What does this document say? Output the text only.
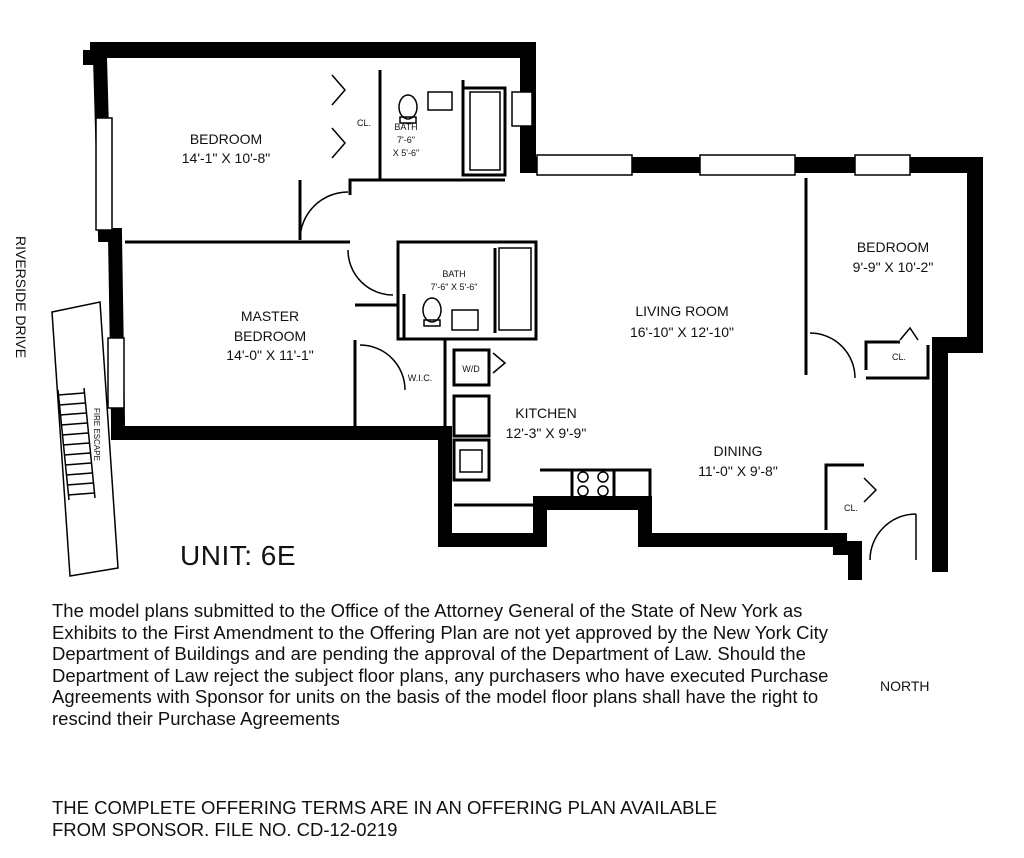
BEDROOM
14'-1" X 10'-8"
BATH
7'-6"
X 5'-6"
CL.
BATH
7'-6" X 5'-6"
MASTER
BEDROOM
14'-0" X 11'-1"
W.I.C.
W/D
LIVING ROOM
16'-10" X 12'-10"
BEDROOM
9'-9" X 10'-2"
CL.
KITCHEN
12'-3" X 9'-9"
DINING
11'-0" X 9'-8"
CL.
RIVERSIDE DRIVE
FIRE ESCAPE
UNIT: 6E

The model plans submitted to the Office of the Attorney General of the State of New York as Exhibits to the First Amendment to the Offering Plan are not yet approved by the New York City Department of Buildings and are pending the approval of the Department of Law. Should the Department of Law reject the subject floor plans, any purchasers who have executed Purchase Agreements with Sponsor for units on the basis of the model floor plans shall have the right to rescind their Purchase Agreements

THE COMPLETE OFFERING TERMS ARE IN AN OFFERING PLAN AVAILABLE
FROM SPONSOR. FILE NO. CD-12-0219

NORTH
